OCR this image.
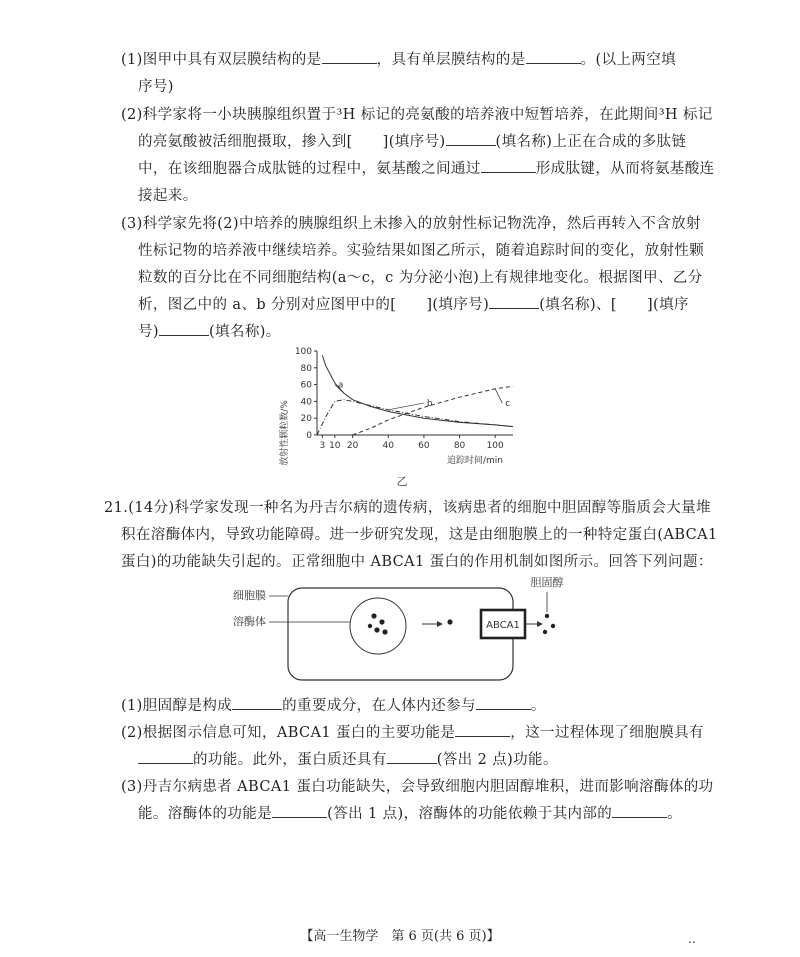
(1)图甲中具有双层膜结构的是	，具有单层膜结构的是	。(以上两空填
序号)
(2)科学家将一小块胰腺组织置于³H 标记的亮氨酸的培养液中短暂培养，在此期间³H 标记
的亮氨酸被活细胞摄取，掺入到[ ](填序号)	(填名称)上正在合成的多肽链
中，在该细胞器合成肽链的过程中，氨基酸之间通过	形成肽键，从而将氨基酸连
接起来。
(3)科学家先将(2)中培养的胰腺组织上未掺入的放射性标记物洗净，然后再转入不含放射
性标记物的培养液中继续培养。实验结果如图乙所示，随着追踪时间的变化，放射性颗
粒数的百分比在不同细胞结构(a～c，c 为分泌小泡)上有规律地变化。根据图甲、乙分
析，图乙中的 a、b 分别对应图甲中的[ ](填序号)	(填名称)、[ ](填序
号)	(填名称)。
放射性颗粒数/% 0
20
40
60
80
100
3 10 20	40	60	80 100
a
b	c
追踪时间/min
乙
21.(14分)科学家发现一种名为丹吉尔病的遗传病，该病患者的细胞中胆固醇等脂质会大量堆
积在溶酶体内，导致功能障碍。进一步研究发现，这是由细胞膜上的一种特定蛋白(ABCA1
蛋白)的功能缺失引起的。正常细胞中 ABCA1 蛋白的作用机制如图所示。回答下列问题：
细胞膜
溶酶体	ABCA1
胆固醇
(1)胆固醇是构成	的重要成分，在人体内还参与	。
(2)根据图示信息可知，ABCA1 蛋白的主要功能是	，这一过程体现了细胞膜具有
的功能。此外，蛋白质还具有	(答出 2 点)功能。
(3)丹吉尔病患者 ABCA1 蛋白功能缺失，会导致细胞内胆固醇堆积，进而影响溶酶体的功
能。溶酶体的功能是	(答出 1 点)，溶酶体的功能依赖于其内部的	。
【高一生物学　第 6 页(共 6 页)】	..
